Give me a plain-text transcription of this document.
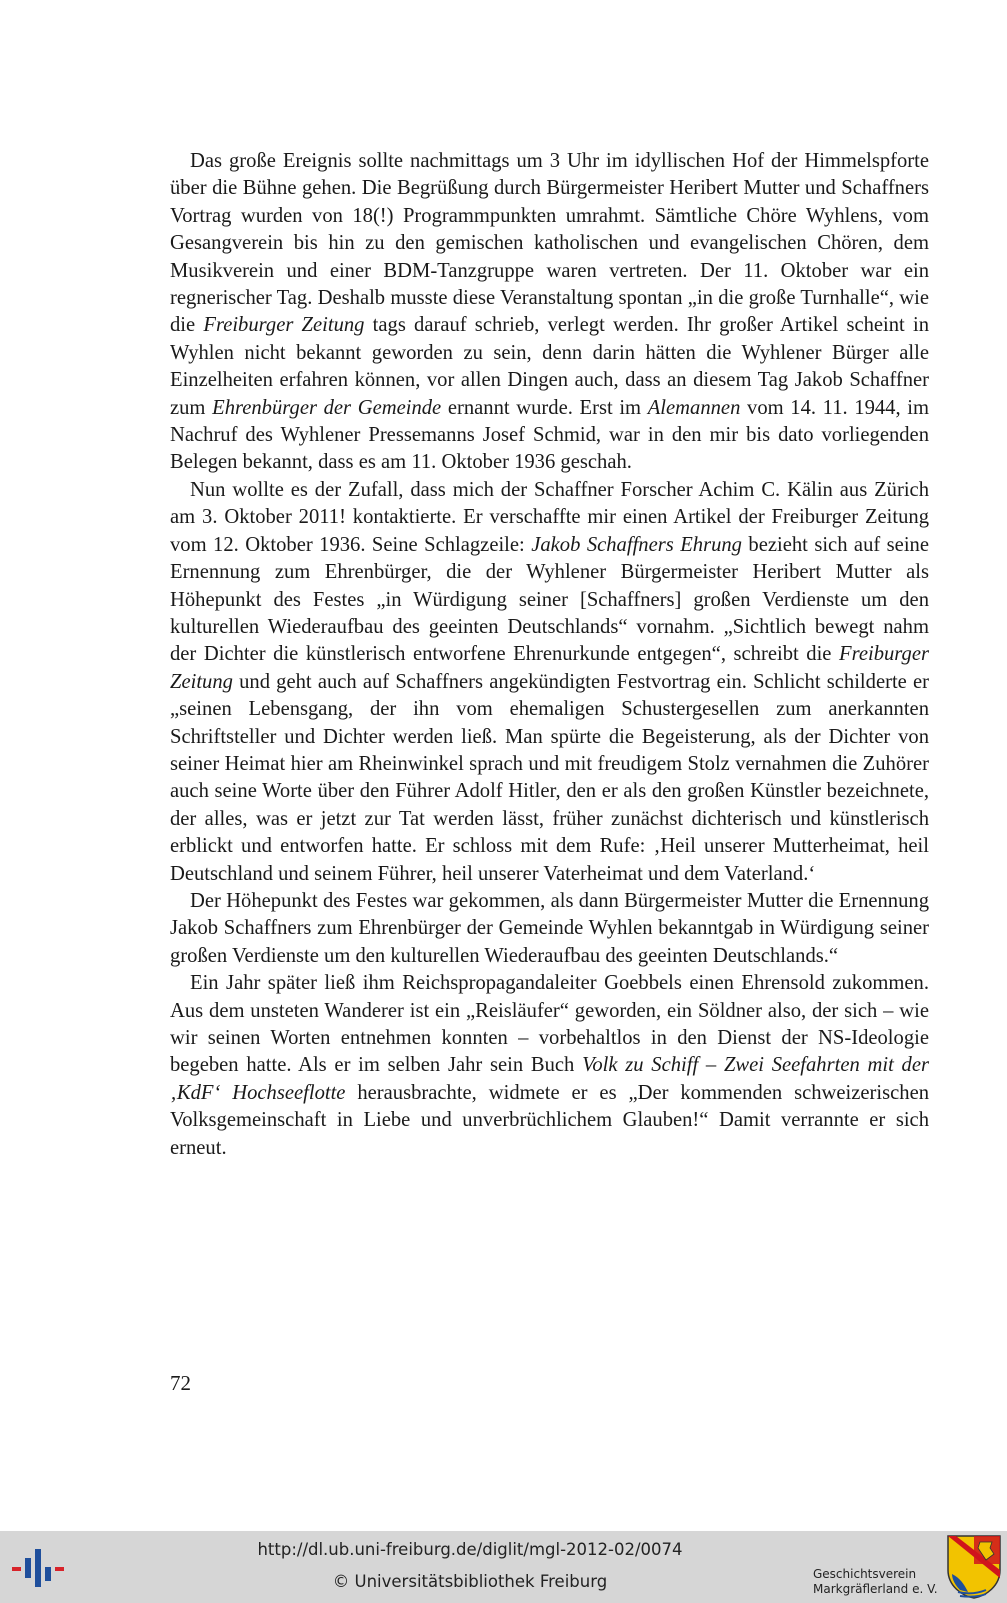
Das große Ereignis sollte nachmittags um 3 Uhr im idyllischen Hof der Himmelspforte über die Bühne gehen. Die Begrüßung durch Bürgermeister Heribert Mutter und Schaffners Vortrag wurden von 18(!) Programmpunkten umrahmt. Sämtliche Chöre Wyhlens, vom Gesangverein bis hin zu den gemischen katholischen und evangelischen Chören, dem Musikverein und einer BDM-Tanzgruppe waren vertreten. Der 11. Oktober war ein regnerischer Tag. Deshalb musste diese Veranstaltung spontan „in die große Turnhalle“, wie die Freiburger Zeitung tags darauf schrieb, verlegt werden. Ihr großer Artikel scheint in Wyhlen nicht bekannt geworden zu sein, denn darin hätten die Wyhlener Bürger alle Einzelheiten erfahren können, vor allen Dingen auch, dass an diesem Tag Jakob Schaffner zum Ehrenbürger der Gemeinde ernannt wurde. Erst im Alemannen vom 14. 11. 1944, im Nachruf des Wyhlener Pressemanns Josef Schmid, war in den mir bis dato vorliegenden Belegen bekannt, dass es am 11. Oktober 1936 geschah.

Nun wollte es der Zufall, dass mich der Schaffner Forscher Achim C. Kälin aus Zürich am 3. Oktober 2011! kontaktierte. Er verschaffte mir einen Artikel der Freiburger Zeitung vom 12. Oktober 1936. Seine Schlagzeile: Jakob Schaffners Ehrung bezieht sich auf seine Ernennung zum Ehrenbürger, die der Wyhlener Bürgermeister Heribert Mutter als Höhepunkt des Festes „in Würdigung seiner [Schaffners] großen Verdienste um den kulturellen Wiederaufbau des geeinten Deutschlands“ vornahm. „Sichtlich bewegt nahm der Dichter die künstlerisch entworfene Ehrenurkunde entgegen“, schreibt die Freiburger Zeitung und geht auch auf Schaffners angekündigten Festvortrag ein. Schlicht schilderte er „seinen Lebensgang, der ihn vom ehemaligen Schustergesellen zum anerkannten Schriftsteller und Dichter werden ließ. Man spürte die Begeisterung, als der Dichter von seiner Heimat hier am Rheinwinkel sprach und mit freudigem Stolz vernahmen die Zuhörer auch seine Worte über den Führer Adolf Hitler, den er als den großen Künstler bezeichnete, der alles, was er jetzt zur Tat werden lässt, früher zunächst dichterisch und künstlerisch erblickt und entworfen hatte. Er schloss mit dem Rufe: ‚Heil unserer Mutterheimat, heil Deutschland und seinem Führer, heil unserer Vaterheimat und dem Vaterland.‘

Der Höhepunkt des Festes war gekommen, als dann Bürgermeister Mutter die Ernennung Jakob Schaffners zum Ehrenbürger der Gemeinde Wyhlen bekanntgab in Würdigung seiner großen Verdienste um den kulturellen Wiederaufbau des geeinten Deutschlands.“

Ein Jahr später ließ ihm Reichspropagandaleiter Goebbels einen Ehrensold zukommen. Aus dem unsteten Wanderer ist ein „Reisläufer“ geworden, ein Söldner also, der sich – wie wir seinen Worten entnehmen konnten – vorbehaltlos in den Dienst der NS-Ideologie begeben hatte. Als er im selben Jahr sein Buch Volk zu Schiff – Zwei Seefahrten mit der ‚KdF‘ Hochseeflotte herausbrachte, widmete er es „Der kommenden schweizerischen Volksgemeinschaft in Liebe und unverbrüchlichem Glauben!“ Damit verrannte er sich erneut.

72
http://dl.ub.uni-freiburg.de/diglit/mgl-2012-02/0074
© Universitätsbibliothek Freiburg	Geschichtsverein
Markgräflerland e. V.
